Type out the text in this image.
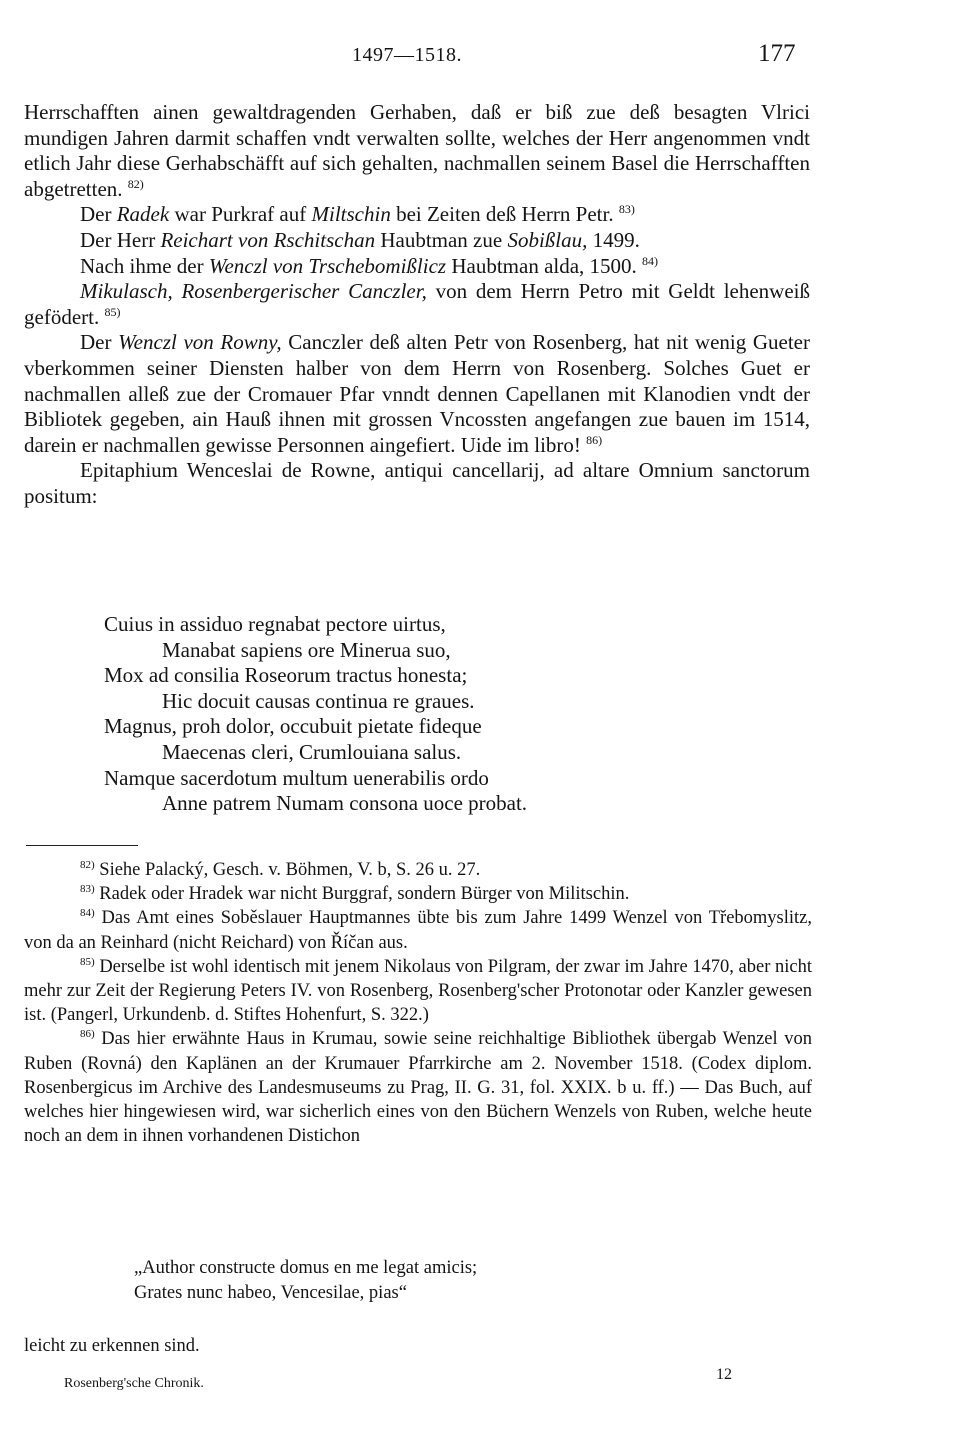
1497—1518.	177

Herrschafften ainen gewaltdragenden Gerhaben, daß er biß zue deß besagten Vlrici mundigen Jahren darmit schaffen vndt verwalten sollte, welches der Herr angenommen vndt etlich Jahr diese Gerhabschäfft auf sich gehalten, nachmallen seinem Basel die Herrschafften abgetretten. $^{82)}$

Der Radek war Purkraf auf Miltschin bei Zeiten deß Herrn Petr. $^{83)}$

Der Herr Reichart von Rschitschan Haubtman zue Sobißlau, 1499.

Nach ihme der Wenczl von Trschebomißlicz Haubtman alda, 1500. $^{84)}$

Mikulasch, Rosenbergerischer Canczler, von dem Herrn Petro mit Geldt lehenweiß gefödert. $^{85)}$

Der Wenczl von Rowny, Canczler deß alten Petr von Rosenberg, hat nit wenig Gueter vberkommen seiner Diensten halber von dem Herrn von Rosenberg. Solches Guet er nachmallen alleß zue der Cromauer Pfar vnndt dennen Capellanen mit Klanodien vndt der Bibliotek gegeben, ain Hauß ihnen mit grossen Vncossten angefangen zue bauen im 1514, darein er nachmallen gewisse Personnen aingefiert. Uide im libro! $^{86)}$

Epitaphium Wenceslai de Rowne, antiqui cancellarij, ad altare Omnium sanctorum positum:

Cuius in assiduo regnabat pectore uirtus,
Manabat sapiens ore Minerua suo,
Mox ad consilia Roseorum tractus honesta;
Hic docuit causas continua re graues.
Magnus, proh dolor, occubuit pietate fideque
Maecenas cleri, Crumlouiana salus.
Namque sacerdotum multum uenerabilis ordo
Anne patrem Numam consona uoce probat.

$^{82)}$ Siehe Palacký, Gesch. v. Böhmen, V. b, S. 26 u. 27.

$^{83)}$ Radek oder Hradek war nicht Burggraf, sondern Bürger von Militschin.

$^{84)}$ Das Amt eines Soběslauer Hauptmannes übte bis zum Jahre 1499 Wenzel von Třebomyslitz, von da an Reinhard (nicht Reichard) von Říčan aus.

$^{85)}$ Derselbe ist wohl identisch mit jenem Nikolaus von Pilgram, der zwar im Jahre 1470, aber nicht mehr zur Zeit der Regierung Peters IV. von Rosenberg, Rosenberg'scher Protonotar oder Kanzler gewesen ist. (Pangerl, Urkundenb. d. Stiftes Hohenfurt, S. 322.)

$^{86)}$ Das hier erwähnte Haus in Krumau, sowie seine reichhaltige Bibliothek übergab Wenzel von Ruben (Rovná) den Kaplänen an der Krumauer Pfarrkirche am 2. November 1518. (Codex diplom. Rosenbergicus im Archive des Landesmuseums zu Prag, II. G. 31, fol. XXIX. b u. ff.) — Das Buch, auf welches hier hingewiesen wird, war sicherlich eines von den Büchern Wenzels von Ruben, welche heute noch an dem in ihnen vorhandenen Distichon

„Author constructe domus en me legat amicis;
Grates nunc habeo, Vencesilae, pias“
leicht zu erkennen sind.
Rosenberg'sche Chronik.
12
